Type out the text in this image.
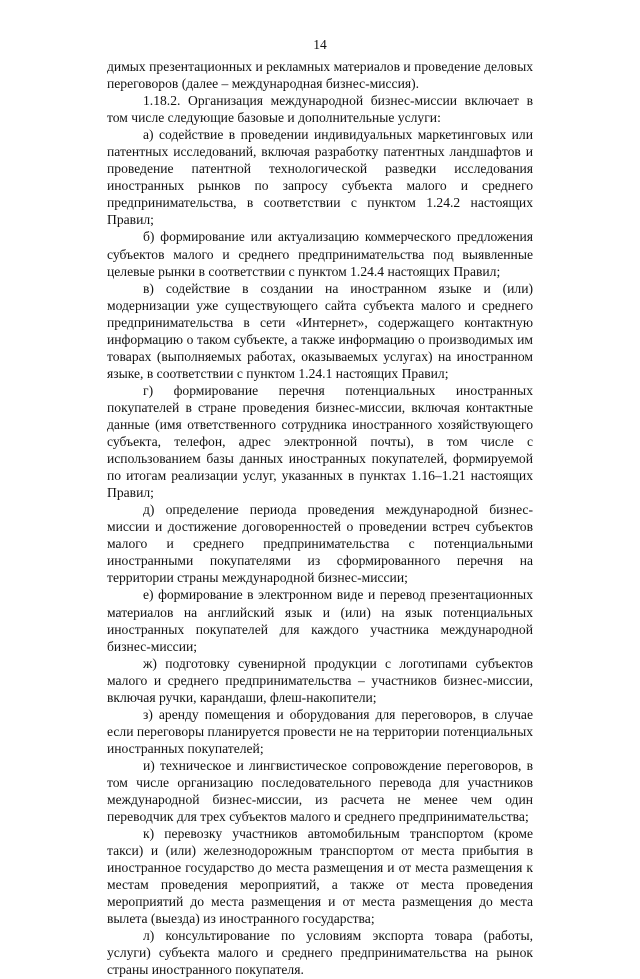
14

димых презентационных и рекламных материалов и проведение деловых переговоров (далее – международная бизнес-миссия).

1.18.2. Организация международной бизнес-миссии включает в том числе следующие базовые и дополнительные услуги:

а) содействие в проведении индивидуальных маркетинговых или патентных исследований, включая разработку патентных ландшафтов и проведение патентной технологической разведки исследования иностранных рынков по запросу субъекта малого и среднего предпринимательства, в соответствии с пунктом 1.24.2 настоящих Правил;

б) формирование или актуализацию коммерческого предложения субъектов малого и среднего предпринимательства под выявленные целевые рынки в соответствии с пунктом 1.24.4 настоящих Правил;

в) содействие в создании на иностранном языке и (или) модернизации уже существующего сайта субъекта малого и среднего предпринимательства в сети «Интернет», содержащего контактную информацию о таком субъекте, а также информацию о производимых им товарах (выполняемых работах, оказываемых услугах) на иностранном языке, в соответствии с пунктом 1.24.1 настоящих Правил;

г) формирование перечня потенциальных иностранных покупателей в стране проведения бизнес-миссии, включая контактные данные (имя ответственного сотрудника иностранного хозяйствующего субъекта, телефон, адрес электронной почты), в том числе с использованием базы данных иностранных покупателей, формируемой по итогам реализации услуг, указанных в пунктах 1.16–1.21 настоящих Правил;

д) определение периода проведения международной бизнес-миссии и достижение договоренностей о проведении встреч субъектов малого и среднего предпринимательства с потенциальными иностранными покупателями из сформированного перечня на территории страны международной бизнес-миссии;

е) формирование в электронном виде и перевод презентационных материалов на английский язык и (или) на язык потенциальных иностранных покупателей для каждого участника международной бизнес-миссии;

ж) подготовку сувенирной продукции с логотипами субъектов малого и среднего предпринимательства – участников бизнес-миссии, включая ручки, карандаши, флеш-накопители;

з) аренду помещения и оборудования для переговоров, в случае если переговоры планируется провести не на территории потенциальных иностранных покупателей;

и) техническое и лингвистическое сопровождение переговоров, в том числе организацию последовательного перевода для участников международной бизнес-миссии, из расчета не менее чем один переводчик для трех субъектов малого и среднего предпринимательства;

к) перевозку участников автомобильным транспортом (кроме такси) и (или) железнодорожным транспортом от места прибытия в иностранное государство до места размещения и от места размещения к местам проведения мероприятий, а также от места проведения мероприятий до места размещения и от места размещения до места вылета (выезда) из иностранного государства;

л) консультирование по условиям экспорта товара (работы, услуги) субъекта малого и среднего предпринимательства на рынок страны иностранного покупателя.
